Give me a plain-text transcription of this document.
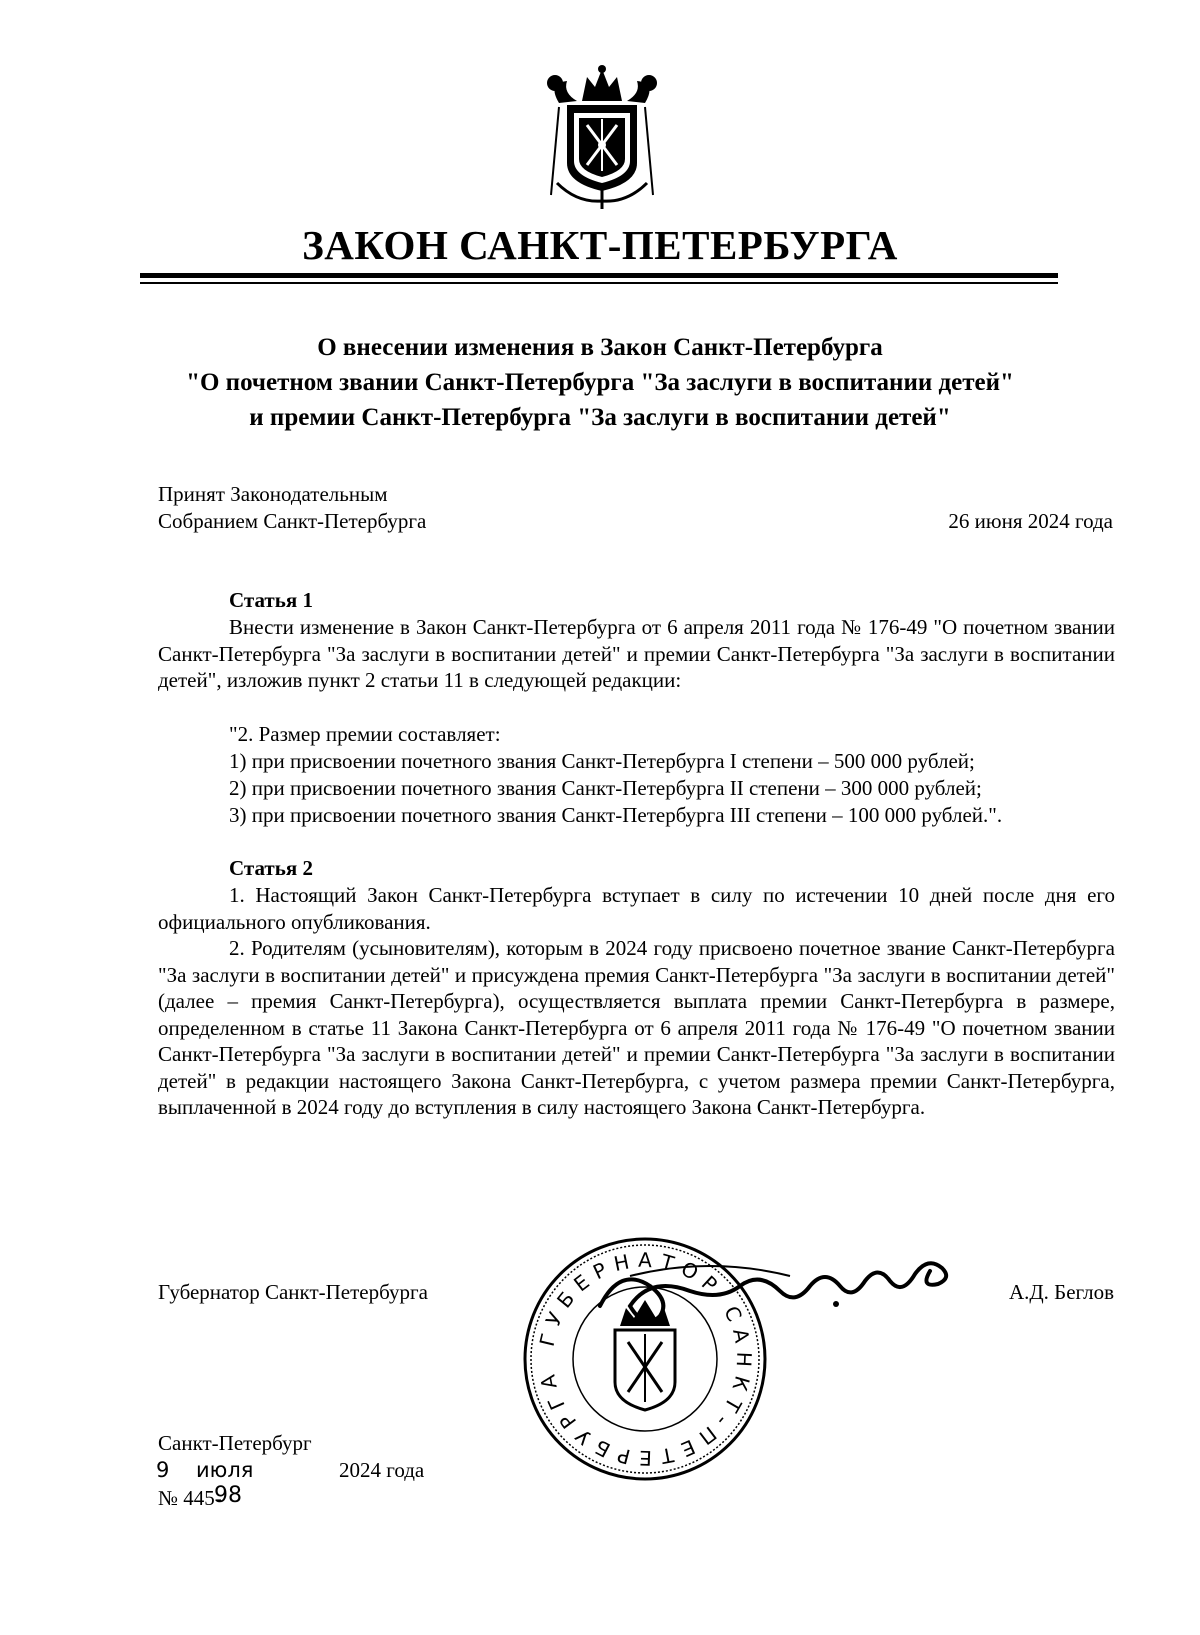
ЗАКОН САНКТ-ПЕТЕРБУРГА
О внесении изменения в Закон Санкт-Петербурга
"О почетном звании Санкт-Петербурга "За заслуги в воспитании детей"
и премии Санкт-Петербурга "За заслуги в воспитании детей"
Принят Законодательным
Собранием Санкт-Петербурга	26 июня 2024 года
Статья 1
Внести изменение в Закон Санкт-Петербурга от 6 апреля 2011 года № 176-49 "О почетном звании Санкт-Петербурга "За заслуги в воспитании детей" и премии Санкт-Петербурга "За заслуги в воспитании детей", изложив пункт 2 статьи 11 в следующей редакции:
"2. Размер премии составляет:
1) при присвоении почетного звания Санкт-Петербурга I степени – 500 000 рублей;
2) при присвоении почетного звания Санкт-Петербурга II степени – 300 000 рублей;
3) при присвоении почетного звания Санкт-Петербурга III степени – 100 000 рублей.".
Статья 2
1. Настоящий Закон Санкт-Петербурга вступает в силу по истечении 10 дней после дня его официального опубликования.
2. Родителям (усыновителям), которым в 2024 году присвоено почетное звание Санкт-Петербурга "За заслуги в воспитании детей" и присуждена премия Санкт-Петербурга "За заслуги в воспитании детей" (далее – премия Санкт-Петербурга), осуществляется выплата премии Санкт-Петербурга в размере, определенном в статье 11 Закона Санкт-Петербурга от 6 апреля 2011 года № 176-49 "О почетном звании Санкт-Петербурга "За заслуги в воспитании детей" и премии Санкт-Петербурга "За заслуги в воспитании детей" в редакции настоящего Закона Санкт-Петербурга, с учетом размера премии Санкт-Петербурга, выплаченной в 2024 году до вступления в силу настоящего Закона Санкт-Петербурга.
Губернатор Санкт-Петербурга	А.Д. Беглов
ГУБЕРНАТОР САНКТ-ПЕТЕРБУРГА
Санкт-Петербург
9 июля	2024 года
№ 445-
98
